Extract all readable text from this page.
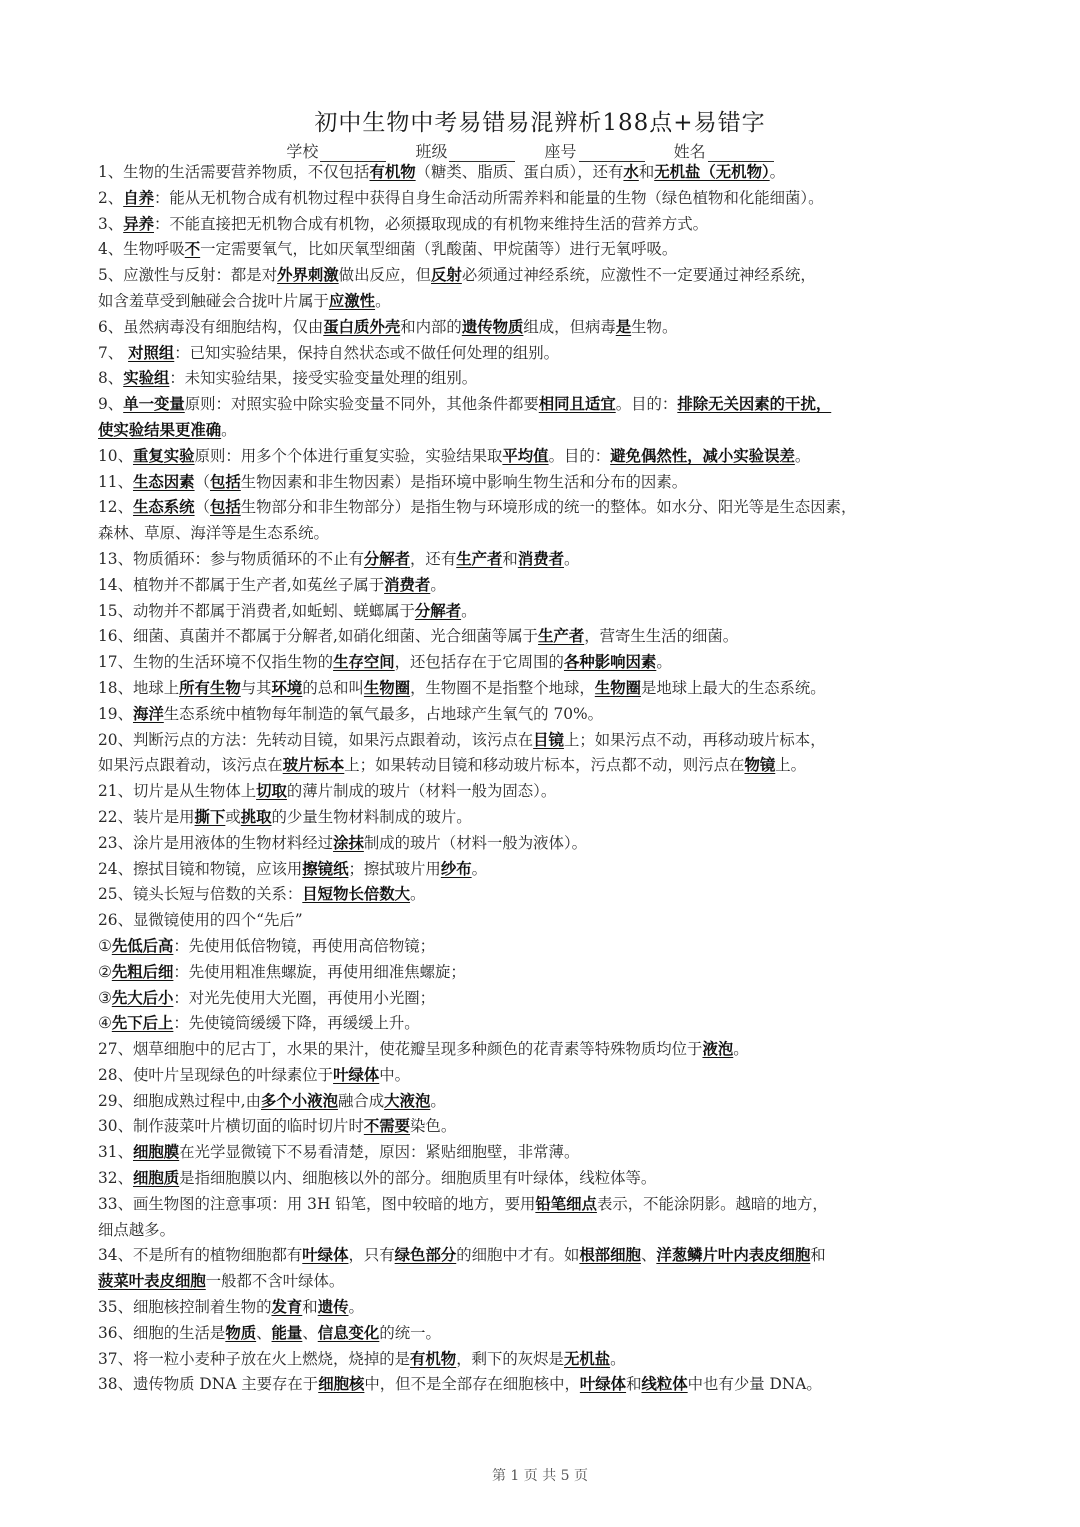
初中生物中考易错易混辨析188点+易错字
学校	班级	座号	姓名
1、生物的生活需要营养物质，不仅包括有机物（糖类、脂质、蛋白质），还有水和无机盐（无机物）。
2、自养：能从无机物合成有机物过程中获得自身生命活动所需养料和能量的生物（绿色植物和化能细菌）。
3、异养：不能直接把无机物合成有机物，必须摄取现成的有机物来维持生活的营养方式。
4、生物呼吸不一定需要氧气，比如厌氧型细菌（乳酸菌、甲烷菌等）进行无氧呼吸。
5、应激性与反射：都是对外界刺激做出反应，但反射必须通过神经系统，应激性不一定要通过神经系统，
如含羞草受到触碰会合拢叶片属于应激性。
6、虽然病毒没有细胞结构，仅由蛋白质外壳和内部的遗传物质组成，但病毒是生物。
7、 对照组：已知实验结果，保持自然状态或不做任何处理的组别。
8、实验组：未知实验结果，接受实验变量处理的组别。
9、单一变量原则：对照实验中除实验变量不同外，其他条件都要相同且适宜。目的：排除无关因素的干扰，
使实验结果更准确。
10、重复实验原则：用多个个体进行重复实验，实验结果取平均值。目的：避免偶然性，减小实验误差。
11、生态因素（包括生物因素和非生物因素）是指环境中影响生物生活和分布的因素。
12、生态系统（包括生物部分和非生物部分）是指生物与环境形成的统一的整体。如水分、阳光等是生态因素，
森林、草原、海洋等是生态系统。
13、物质循环：参与物质循环的不止有分解者，还有生产者和消费者。
14、植物并不都属于生产者,如菟丝子属于消费者。
15、动物并不都属于消费者,如蚯蚓、蜣螂属于分解者。
16、细菌、真菌并不都属于分解者,如硝化细菌、光合细菌等属于生产者，营寄生生活的细菌。
17、生物的生活环境不仅指生物的生存空间，还包括存在于它周围的各种影响因素。
18、地球上所有生物与其环境的总和叫生物圈，生物圈不是指整个地球，生物圈是地球上最大的生态系统。
19、海洋生态系统中植物每年制造的氧气最多，占地球产生氧气的 70%。
20、判断污点的方法：先转动目镜，如果污点跟着动，该污点在目镜上；如果污点不动，再移动玻片标本，
如果污点跟着动，该污点在玻片标本上；如果转动目镜和移动玻片标本，污点都不动，则污点在物镜上。
21、切片是从生物体上切取的薄片制成的玻片（材料一般为固态）。
22、装片是用撕下或挑取的少量生物材料制成的玻片。
23、涂片是用液体的生物材料经过涂抹制成的玻片（材料一般为液体）。
24、擦拭目镜和物镜，应该用擦镜纸；擦拭玻片用纱布。
25、镜头长短与倍数的关系：目短物长倍数大。
26、显微镜使用的四个“先后”
①先低后高：先使用低倍物镜，再使用高倍物镜；
②先粗后细：先使用粗准焦螺旋，再使用细准焦螺旋；
③先大后小：对光先使用大光圈，再使用小光圈；
④先下后上：先使镜筒缓缓下降，再缓缓上升。
27、烟草细胞中的尼古丁，水果的果汁，使花瓣呈现多种颜色的花青素等特殊物质均位于液泡。
28、使叶片呈现绿色的叶绿素位于叶绿体中。
29、细胞成熟过程中,由多个小液泡融合成大液泡。
30、制作菠菜叶片横切面的临时切片时不需要染色。
31、细胞膜在光学显微镜下不易看清楚，原因：紧贴细胞壁，非常薄。
32、细胞质是指细胞膜以内、细胞核以外的部分。细胞质里有叶绿体，线粒体等。
33、画生物图的注意事项：用 3H 铅笔，图中较暗的地方，要用铅笔细点表示，不能涂阴影。越暗的地方，
细点越多。
34、不是所有的植物细胞都有叶绿体，只有绿色部分的细胞中才有。如根部细胞、洋葱鳞片叶内表皮细胞和
菠菜叶表皮细胞一般都不含叶绿体。
35、细胞核控制着生物的发育和遗传。
36、细胞的生活是物质、能量、信息变化的统一。
37、将一粒小麦种子放在火上燃烧，烧掉的是有机物，剩下的灰烬是无机盐。
38、遗传物质 DNA 主要存在于细胞核中，但不是全部存在细胞核中，叶绿体和线粒体中也有少量 DNA。
第 1 页 共 5 页
